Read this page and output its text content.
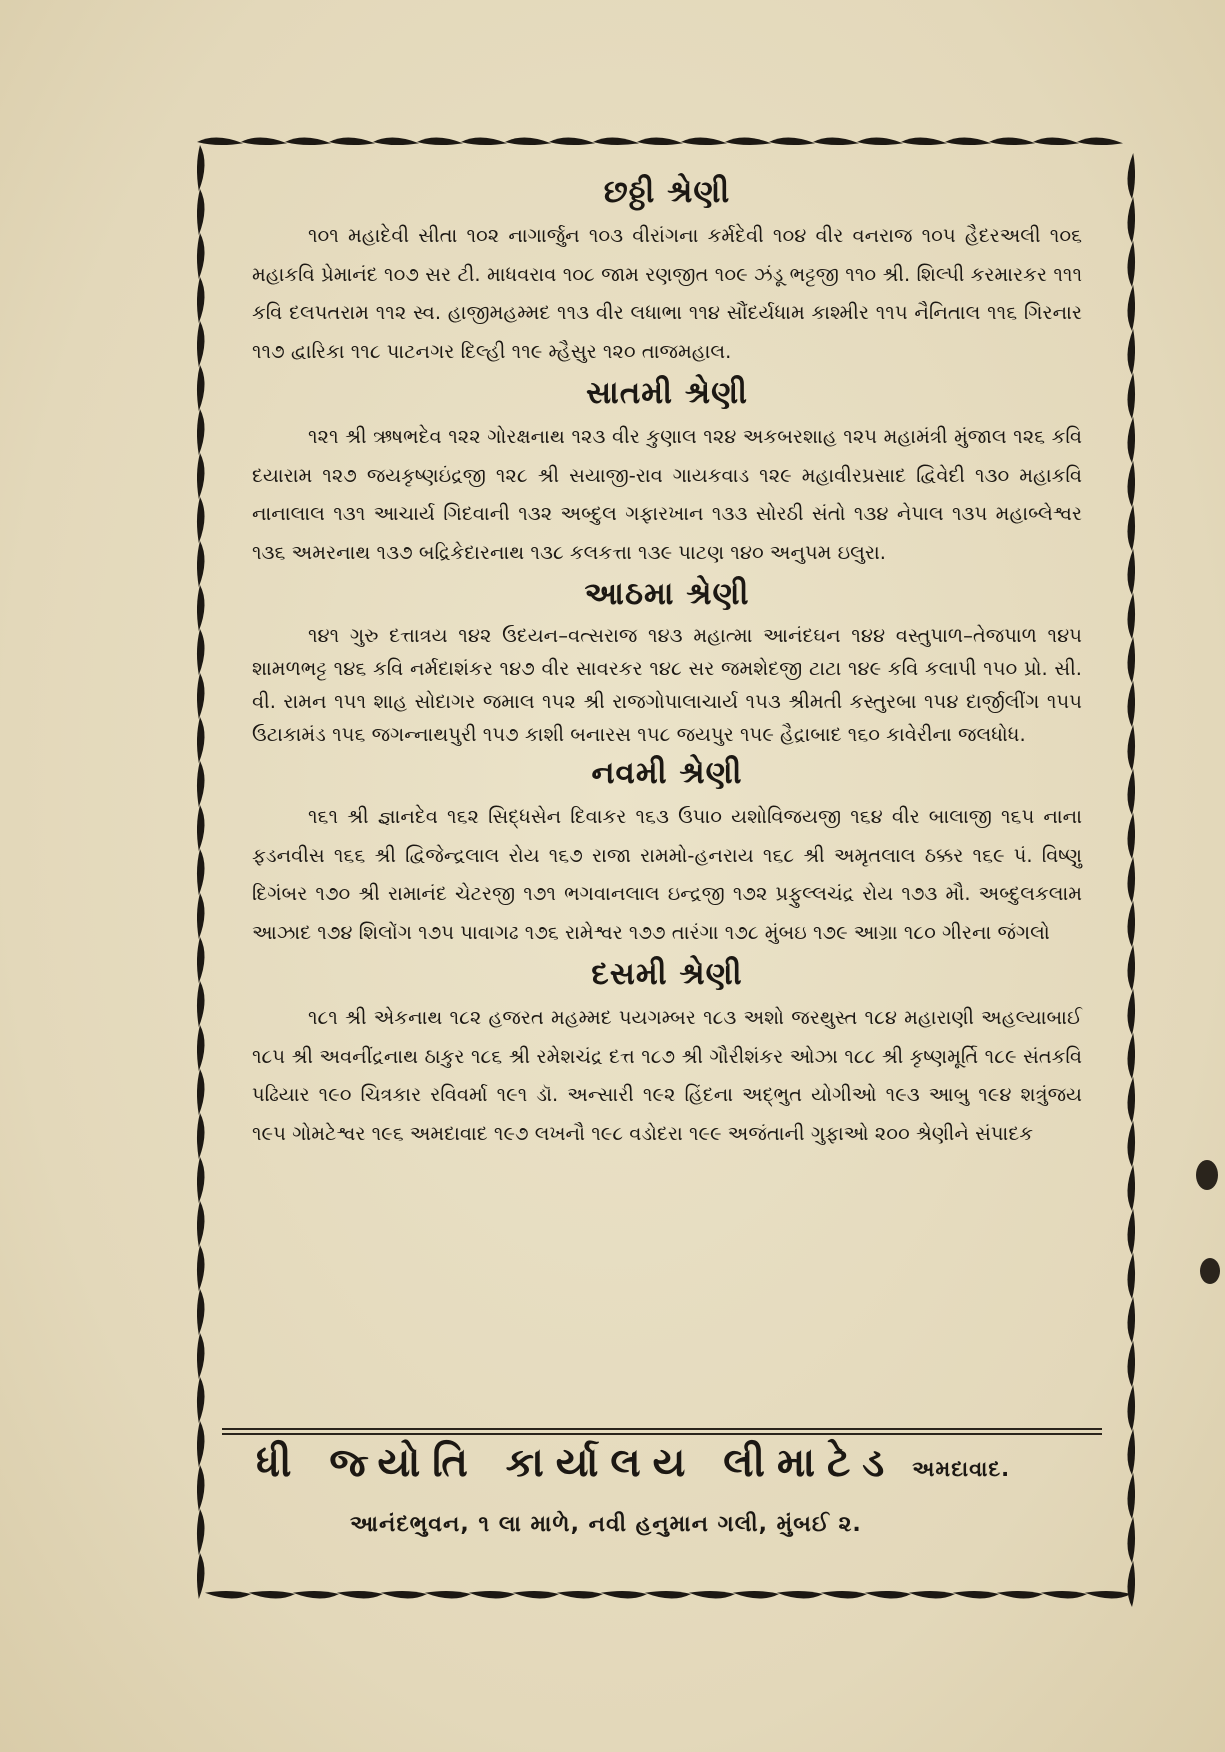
છઠ્ઠી શ્રેણી

૧૦૧ મહાદેવી સીતા ૧૦૨ નાગાર્જુન ૧૦૩ વીરાંગના કર્મદેવી ૧૦૪ વીર વનરાજ ૧૦૫ હૈદરઅલી ૧૦૬ મહાકવિ પ્રેમાનંદ ૧૦૭ સર ટી. માધવરાવ ૧૦૮ જામ રણજીત ૧૦૯ ઝંડૂ ભટ્ટજી ૧૧૦ શ્રી. શિલ્પી કરમારકર ૧૧૧ કવિ દલપતરામ ૧૧૨ સ્વ. હાજીમહમ્મદ ૧૧૩ વીર લધાભા ૧૧૪ સૌંદર્યધામ કાશ્મીર ૧૧૫ નૈનિતાલ ૧૧૬ ગિરનાર ૧૧૭ દ્વારિકા ૧૧૮ પાટનગર દિલ્હી ૧૧૯ મ્હૈસુર ૧૨૦ તાજમહાલ.

સાતમી શ્રેણી

૧૨૧ શ્રી ઋષભદેવ ૧૨૨ ગોરક્ષનાથ ૧૨૩ વીર કુણાલ ૧૨૪ અકબરશાહ ૧૨૫ મહામંત્રી મુંજાલ ૧૨૬ કવિ દયારામ ૧૨૭ જયકૃષ્ણઇંદ્રજી ૧૨૮ શ્રી સયાજી-રાવ ગાયકવાડ ૧૨૯ મહાવીરપ્રસાદ દ્વિવેદી ૧૩૦ મહાકવિ નાનાલાલ ૧૩૧ આચાર્ય ગિદવાની ૧૩૨ અબ્દુલ ગફારખાન ૧૩૩ સોરઠી સંતો ૧૩૪ નેપાલ ૧૩૫ મહાબ્લેશ્વર ૧૩૬ અમરનાથ ૧૩૭ બદ્રિકેદારનાથ ૧૩૮ કલકત્તા ૧૩૯ પાટણ ૧૪૦ અનુપમ ઇલુરા.

આઠમા શ્રેણી

૧૪૧ ગુરુ દત્તાત્રય ૧૪૨ ઉદયન–વત્સરાજ ૧૪૩ મહાત્મા આનંદઘન ૧૪૪ વસ્તુપાળ–તેજપાળ ૧૪૫ શામળભટ્ટ ૧૪૬ કવિ નર્મદાશંકર ૧૪૭ વીર સાવરકર ૧૪૮ સર જમશેદજી ટાટા ૧૪૯ કવિ કલાપી ૧૫૦ પ્રો. સી. વી. રામન ૧૫૧ શાહ સોદાગર જમાલ ૧૫૨ શ્રી રાજગોપાલાચાર્ય ૧૫૩ શ્રીમતી કસ્તુરબા ૧૫૪ દાર્જીલીંગ ૧૫૫ ઉટાકામંડ ૧૫૬ જગન્નાથપુરી ૧૫૭ કાશી બનારસ ૧૫૮ જયપુર ૧૫૯ હૈદ્રાબાદ ૧૬૦ કાવેરીના જલધોધ.

નવમી શ્રેણી

૧૬૧ શ્રી જ્ઞાનદેવ ૧૬૨ સિદ્ધસેન દિવાકર ૧૬૩ ઉપા૦ યશોવિજયજી ૧૬૪ વીર બાલાજી ૧૬૫ નાના ફડનવીસ ૧૬૬ શ્રી દ્વિજેન્દ્રલાલ રોય ૧૬૭ રાજા રામમો-હનરાય ૧૬૮ શ્રી અમૃતલાલ ઠક્કર ૧૬૯ પં. વિષ્ણુ દિગંબર ૧૭૦ શ્રી રામાનંદ ચેટરજી ૧૭૧ ભગવાનલાલ ઇન્દ્રજી ૧૭૨ પ્રફુલ્લચંદ્ર રોય ૧૭૩ મૌ. અબ્દુલકલામ આઝાદ ૧૭૪ શિલોંગ ૧૭૫ પાવાગઢ ૧૭૬ રામેશ્વર ૧૭૭ તારંગા ૧૭૮ મુંબઇ ૧૭૯ આગ્રા ૧૮૦ ગીરના જંગલો

દસમી શ્રેણી

૧૮૧ શ્રી એકનાથ ૧૮૨ હજરત મહમ્મદ પયગમ્બર ૧૮૩ અશો જરથુસ્ત ૧૮૪ મહારાણી અહલ્યાબાઈ ૧૮૫ શ્રી અવનીંદ્રનાથ ઠાકુર ૧૮૬ શ્રી રમેશચંદ્ર દત્ત ૧૮૭ શ્રી ગૌરીશંકર ઓઝા ૧૮૮ શ્રી કૃષ્ણમૂર્તિ ૧૮૯ સંતકવિ પઢિયાર ૧૯૦ ચિત્રકાર રવિવર્મા ૧૯૧ ડૉ. અન્સારી ૧૯૨ હિંદના અદ્ભુત યોગીઓ ૧૯૩ આબુ ૧૯૪ શત્રુંજય ૧૯૫ ગોમટેશ્વર ૧૯૬ અમદાવાદ ૧૯૭ લખનૌ ૧૯૮ વડોદરા ૧૯૯ અજંતાની ગુફાઓ ૨૦૦ શ્રેણીને સંપાદક

ધી જ્યોતિ કાર્યાલય લીમાટેડ અમદાવાદ.
આનંદભુવન, ૧ લા માળે, નવી હનુમાન ગલી, મુંબઈ ૨.
